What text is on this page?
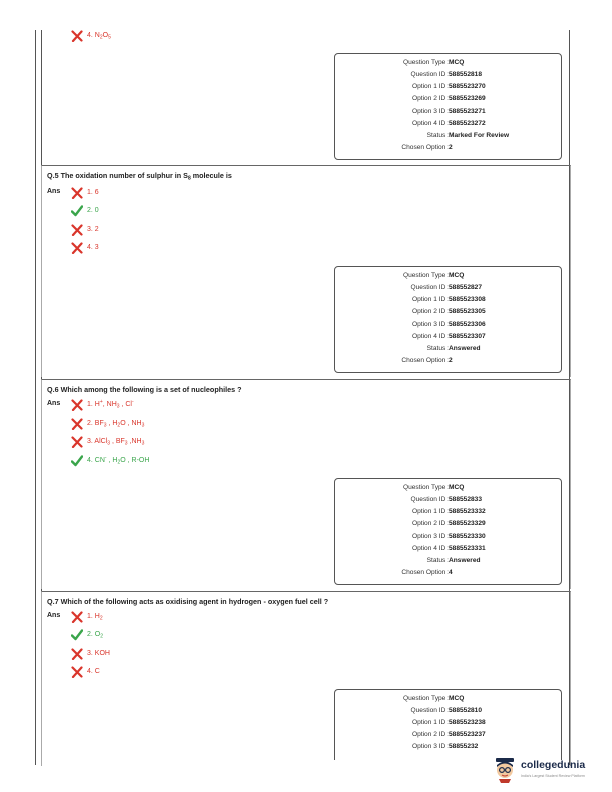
4. $N_2O_5$
Question Type : MCQ
Question ID : 588552818
Option 1 ID : 5885523270
Option 2 ID : 5885523269
Option 3 ID : 5885523271
Option 4 ID : 5885523272
Status : Marked For Review
Chosen Option : 2
Q.5 The oxidation number of sulphur in $S_8$ molecule is
Ans	1. 6
2. 0
3. 2
4. 3
Question Type : MCQ
Question ID : 588552827
Option 1 ID : 5885523308
Option 2 ID : 5885523305
Option 3 ID : 5885523306
Option 4 ID : 5885523307
Status : Answered
Chosen Option : 2
Q.6 Which among the following is a set of nucleophiles ?
Ans	1. H+, $NH_3$ , Cl-
2. $BF_3$ , $H_2O$ , $NH_3$
3. AlCl$_3$ , $BF_3$ $,NH_3$
4. CN- , $H_2O$ , R-OH
Question Type : MCQ
Question ID : 588552833
Option 1 ID : 5885523332
Option 2 ID : 5885523329
Option 3 ID : 5885523330
Option 4 ID : 5885523331
Status : Answered
Chosen Option : 4
Q.7 Which of the following acts as oxidising agent in hydrogen - oxygen fuel cell ?
Ans	1. $H_2$
2. $O_2$
3. KOH
4. C
Question Type : MCQ
Question ID : 588552810
Option 1 ID : 5885523238
Option 2 ID : 5885523237
Option 3 ID : 58855232
collegedunia
India's Largest Student Review Platform
